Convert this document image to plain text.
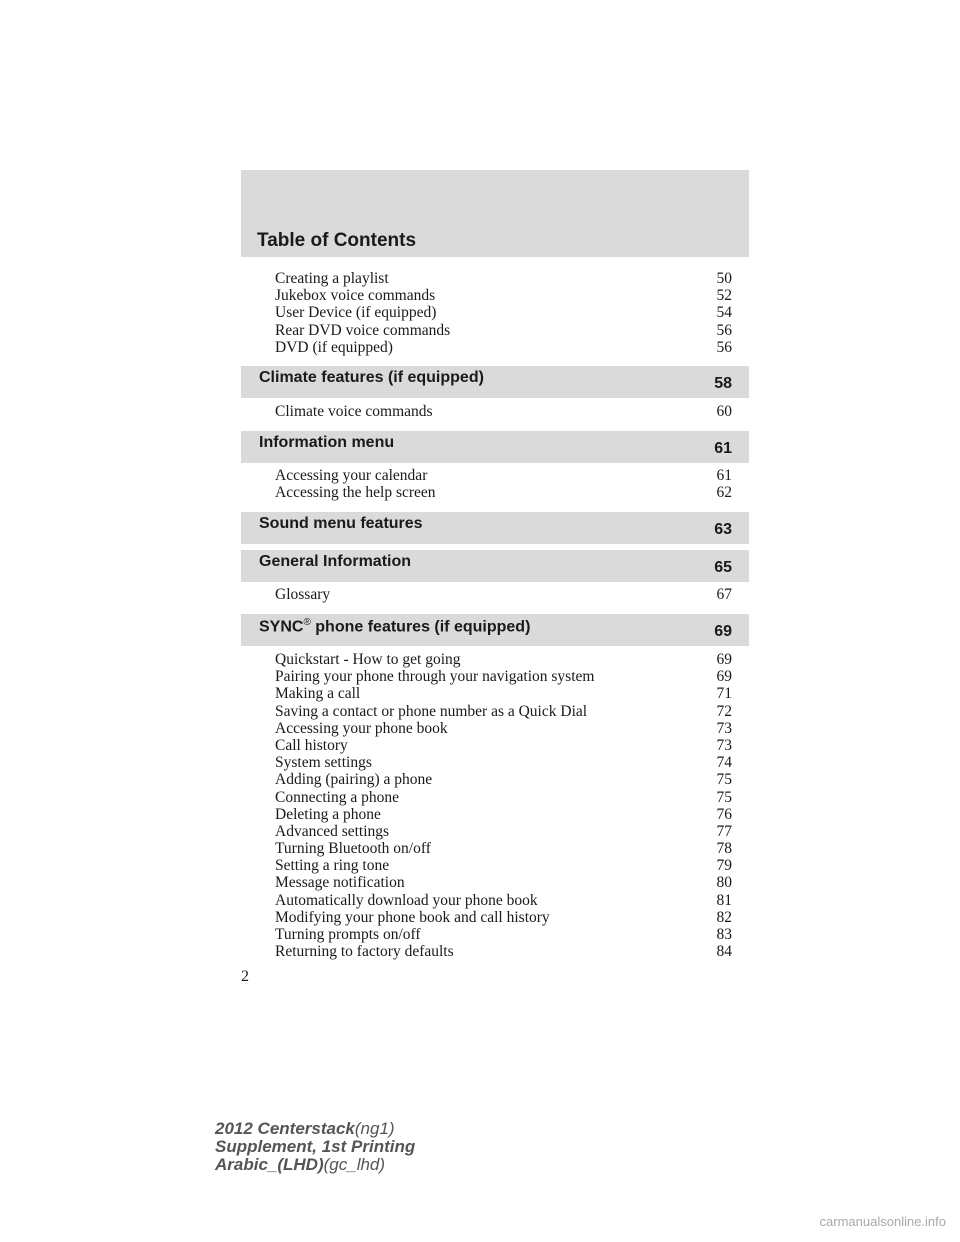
Table of Contents
Creating a playlist	50
Jukebox voice commands	52
User Device (if equipped)	54
Rear DVD voice commands	56
DVD (if equipped)	56
Climate features (if equipped)	58
Climate voice commands	60
Information menu	61
Accessing your calendar	61
Accessing the help screen	62
Sound menu features	63
General Information	65
Glossary	67
SYNC® phone features (if equipped)	69
Quickstart - How to get going	69
Pairing your phone through your navigation system	69
Making a call	71
Saving a contact or phone number as a Quick Dial	72
Accessing your phone book	73
Call history	73
System settings	74
Adding (pairing) a phone	75
Connecting a phone	75
Deleting a phone	76
Advanced settings	77
Turning Bluetooth on/off	78
Setting a ring tone	79
Message notification	80
Automatically download your phone book	81
Modifying your phone book and call history	82
Turning prompts on/off	83
Returning to factory defaults	84
2
2012 Centerstack(ng1)
Supplement, 1st Printing
Arabic_(LHD)(gc_lhd)
carmanualsonline.info
